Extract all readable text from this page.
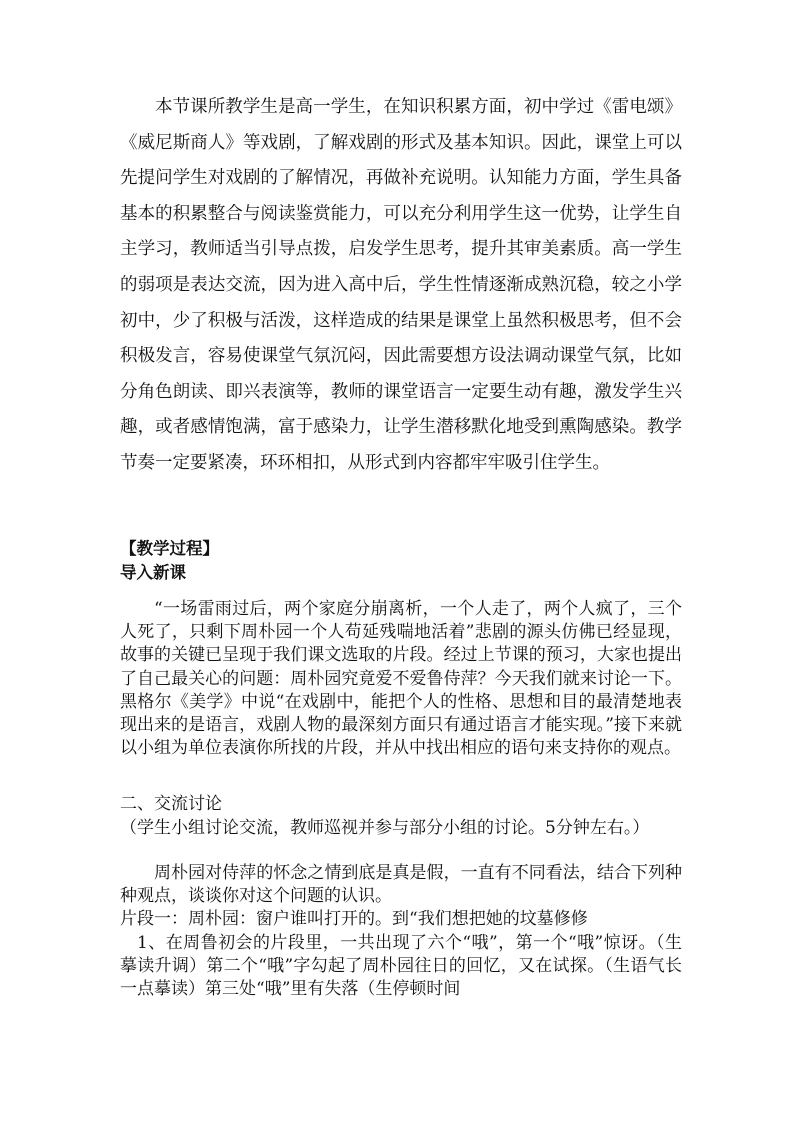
本节课所教学生是高一学生，在知识积累方面，初中学过《雷电颂》《威尼斯商人》等戏剧，了解戏剧的形式及基本知识。因此，课堂上可以先提问学生对戏剧的了解情况，再做补充说明。认知能力方面，学生具备基本的积累整合与阅读鉴赏能力，可以充分利用学生这一优势，让学生自主学习，教师适当引导点拨，启发学生思考，提升其审美素质。高一学生的弱项是表达交流，因为进入高中后，学生性情逐渐成熟沉稳，较之小学初中，少了积极与活泼，这样造成的结果是课堂上虽然积极思考，但不会积极发言，容易使课堂气氛沉闷，因此需要想方设法调动课堂气氛，比如分角色朗读、即兴表演等，教师的课堂语言一定要生动有趣，激发学生兴趣，或者感情饱满，富于感染力，让学生潜移默化地受到熏陶感染。教学节奏一定要紧凑，环环相扣，从形式到内容都牢牢吸引住学生。

【教学过程】

导入新课

“一场雷雨过后，两个家庭分崩离析，一个人走了，两个人疯了，三个人死了，只剩下周朴园一个人苟延残喘地活着”悲剧的源头仿佛已经显现，故事的关键已呈现于我们课文选取的片段。经过上节课的预习，大家也提出了自己最关心的问题：周朴园究竟爱不爱鲁侍萍？今天我们就来讨论一下。黑格尔《美学》中说“在戏剧中，能把个人的性格、思想和目的最清楚地表现出来的是语言，戏剧人物的最深刻方面只有通过语言才能实现。”接下来就以小组为单位表演你所找的片段，并从中找出相应的语句来支持你的观点。

二、交流讨论

（学生小组讨论交流，教师巡视并参与部分小组的讨论。5分钟左右。）

周朴园对侍萍的怀念之情到底是真是假，一直有不同看法，结合下列种种观点，谈谈你对这个问题的认识。

片段一：周朴园：窗户谁叫打开的。到“我们想把她的坟墓修修

1、在周鲁初会的片段里，一共出现了六个“哦”，第一个“哦”惊讶。（生摹读升调）第二个“哦”字勾起了周朴园往日的回忆，又在试探。（生语气长一点摹读）第三处“哦”里有失落（生停顿时间
